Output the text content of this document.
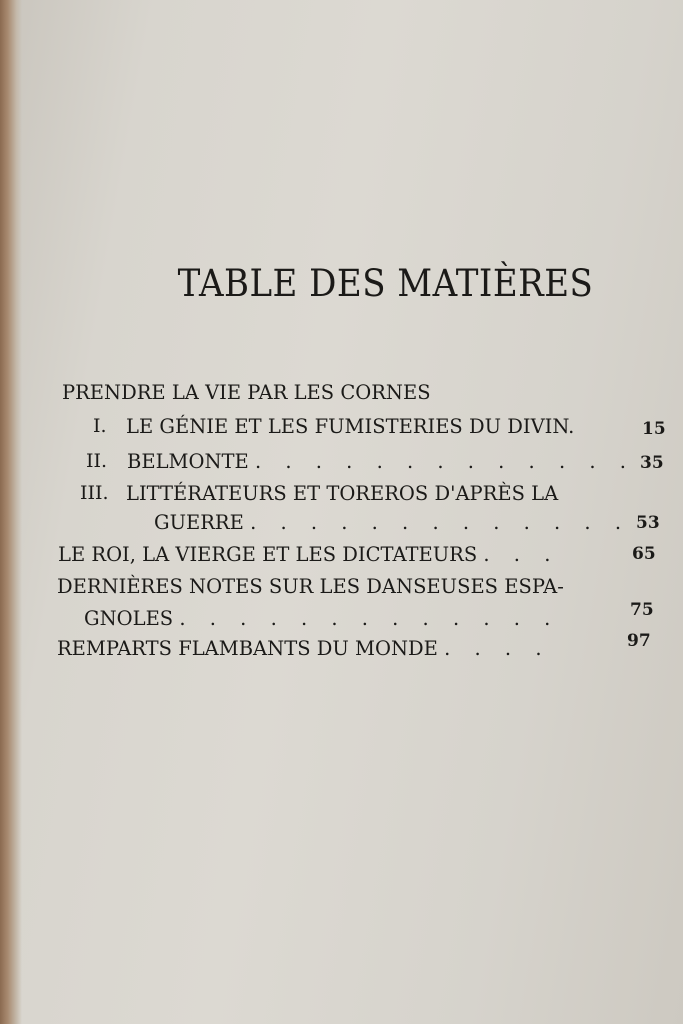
TABLE DES MATIÈRES
PRENDRE LA VIE PAR LES CORNES
I. LE GÉNIE ET LES FUMISTERIES DU DIVIN.	15
II. BELMONTE . . . . . . . . . . . . . 35
III. LITTÉRATEURS ET TOREROS D'APRÈS LA
GUERRE . . . . . . . . . . . . . 53
LE ROI, LA VIERGE ET LES DICTATEURS . . .	65
DERNIÈRES NOTES SUR LES DANSEUSES ESPA-
GNOLES . . . . . . . . . . . . .	75
REMPARTS FLAMBANTS DU MONDE . . . .	97
